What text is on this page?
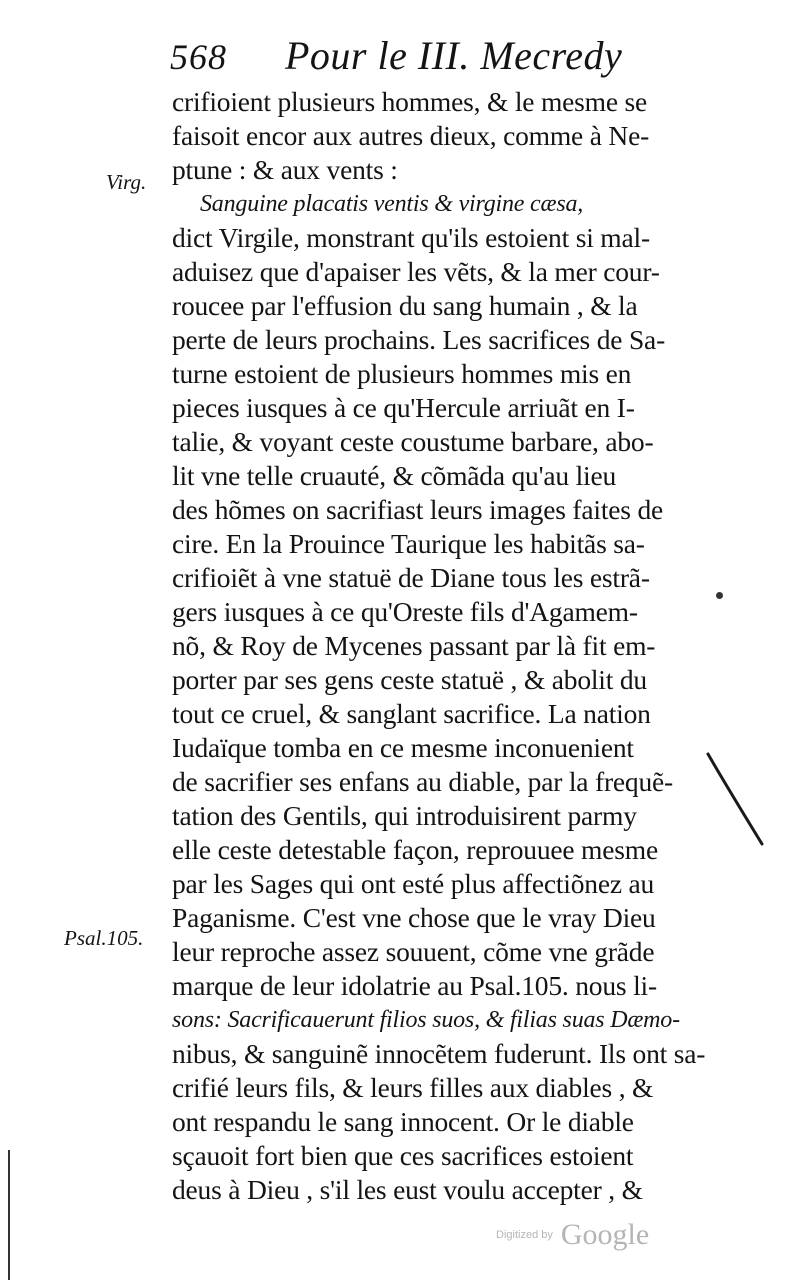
568 Pour le III. Mecredy
Virg.
Psal.105.
crifioient plusieurs hommes, & le mesme se
faisoit encor aux autres dieux, comme à Ne-
ptune : & aux vents :
Sanguine placatis ventis & virgine cæsa,
dict Virgile, monstrant qu'ils estoient si mal-
aduisez que d'apaiser les vẽts, & la mer cour-
roucee par l'effusion du sang humain , & la
perte de leurs prochains. Les sacrifices de Sa-
turne estoient de plusieurs hommes mis en
pieces iusques à ce qu'Hercule arriuãt en I-
talie, & voyant ceste coustume barbare, abo-
lit vne telle cruauté, & cõmãda qu'au lieu
des hõmes on sacrifiast leurs images faites de
cire. En la Prouince Taurique les habitãs sa-
crifioiẽt à vne statuë de Diane tous les estrã-
gers iusques à ce qu'Oreste fils d'Agamem-
nõ, & Roy de Mycenes passant par là fit em-
porter par ses gens ceste statuë , & abolit du
tout ce cruel, & sanglant sacrifice. La nation
Iudaïque tomba en ce mesme inconuenient
de sacrifier ses enfans au diable, par la frequẽ-
tation des Gentils, qui introduisirent parmy
elle ceste detestable façon, reprouuee mesme
par les Sages qui ont esté plus affectiõnez au
Paganisme. C'est vne chose que le vray Dieu
leur reproche assez souuent, cõme vne grãde
marque de leur idolatrie au Psal.105. nous li-
sons: Sacrificauerunt filios suos, & filias suas Dæmo-
nibus, & sanguinẽ innocẽtem fuderunt. Ils ont sa-
crifié leurs fils, & leurs filles aux diables , &
ont respandu le sang innocent. Or le diable
sçauoit fort bien que ces sacrifices estoient
deus à Dieu , s'il les eust voulu accepter , &
Digitized by Google
